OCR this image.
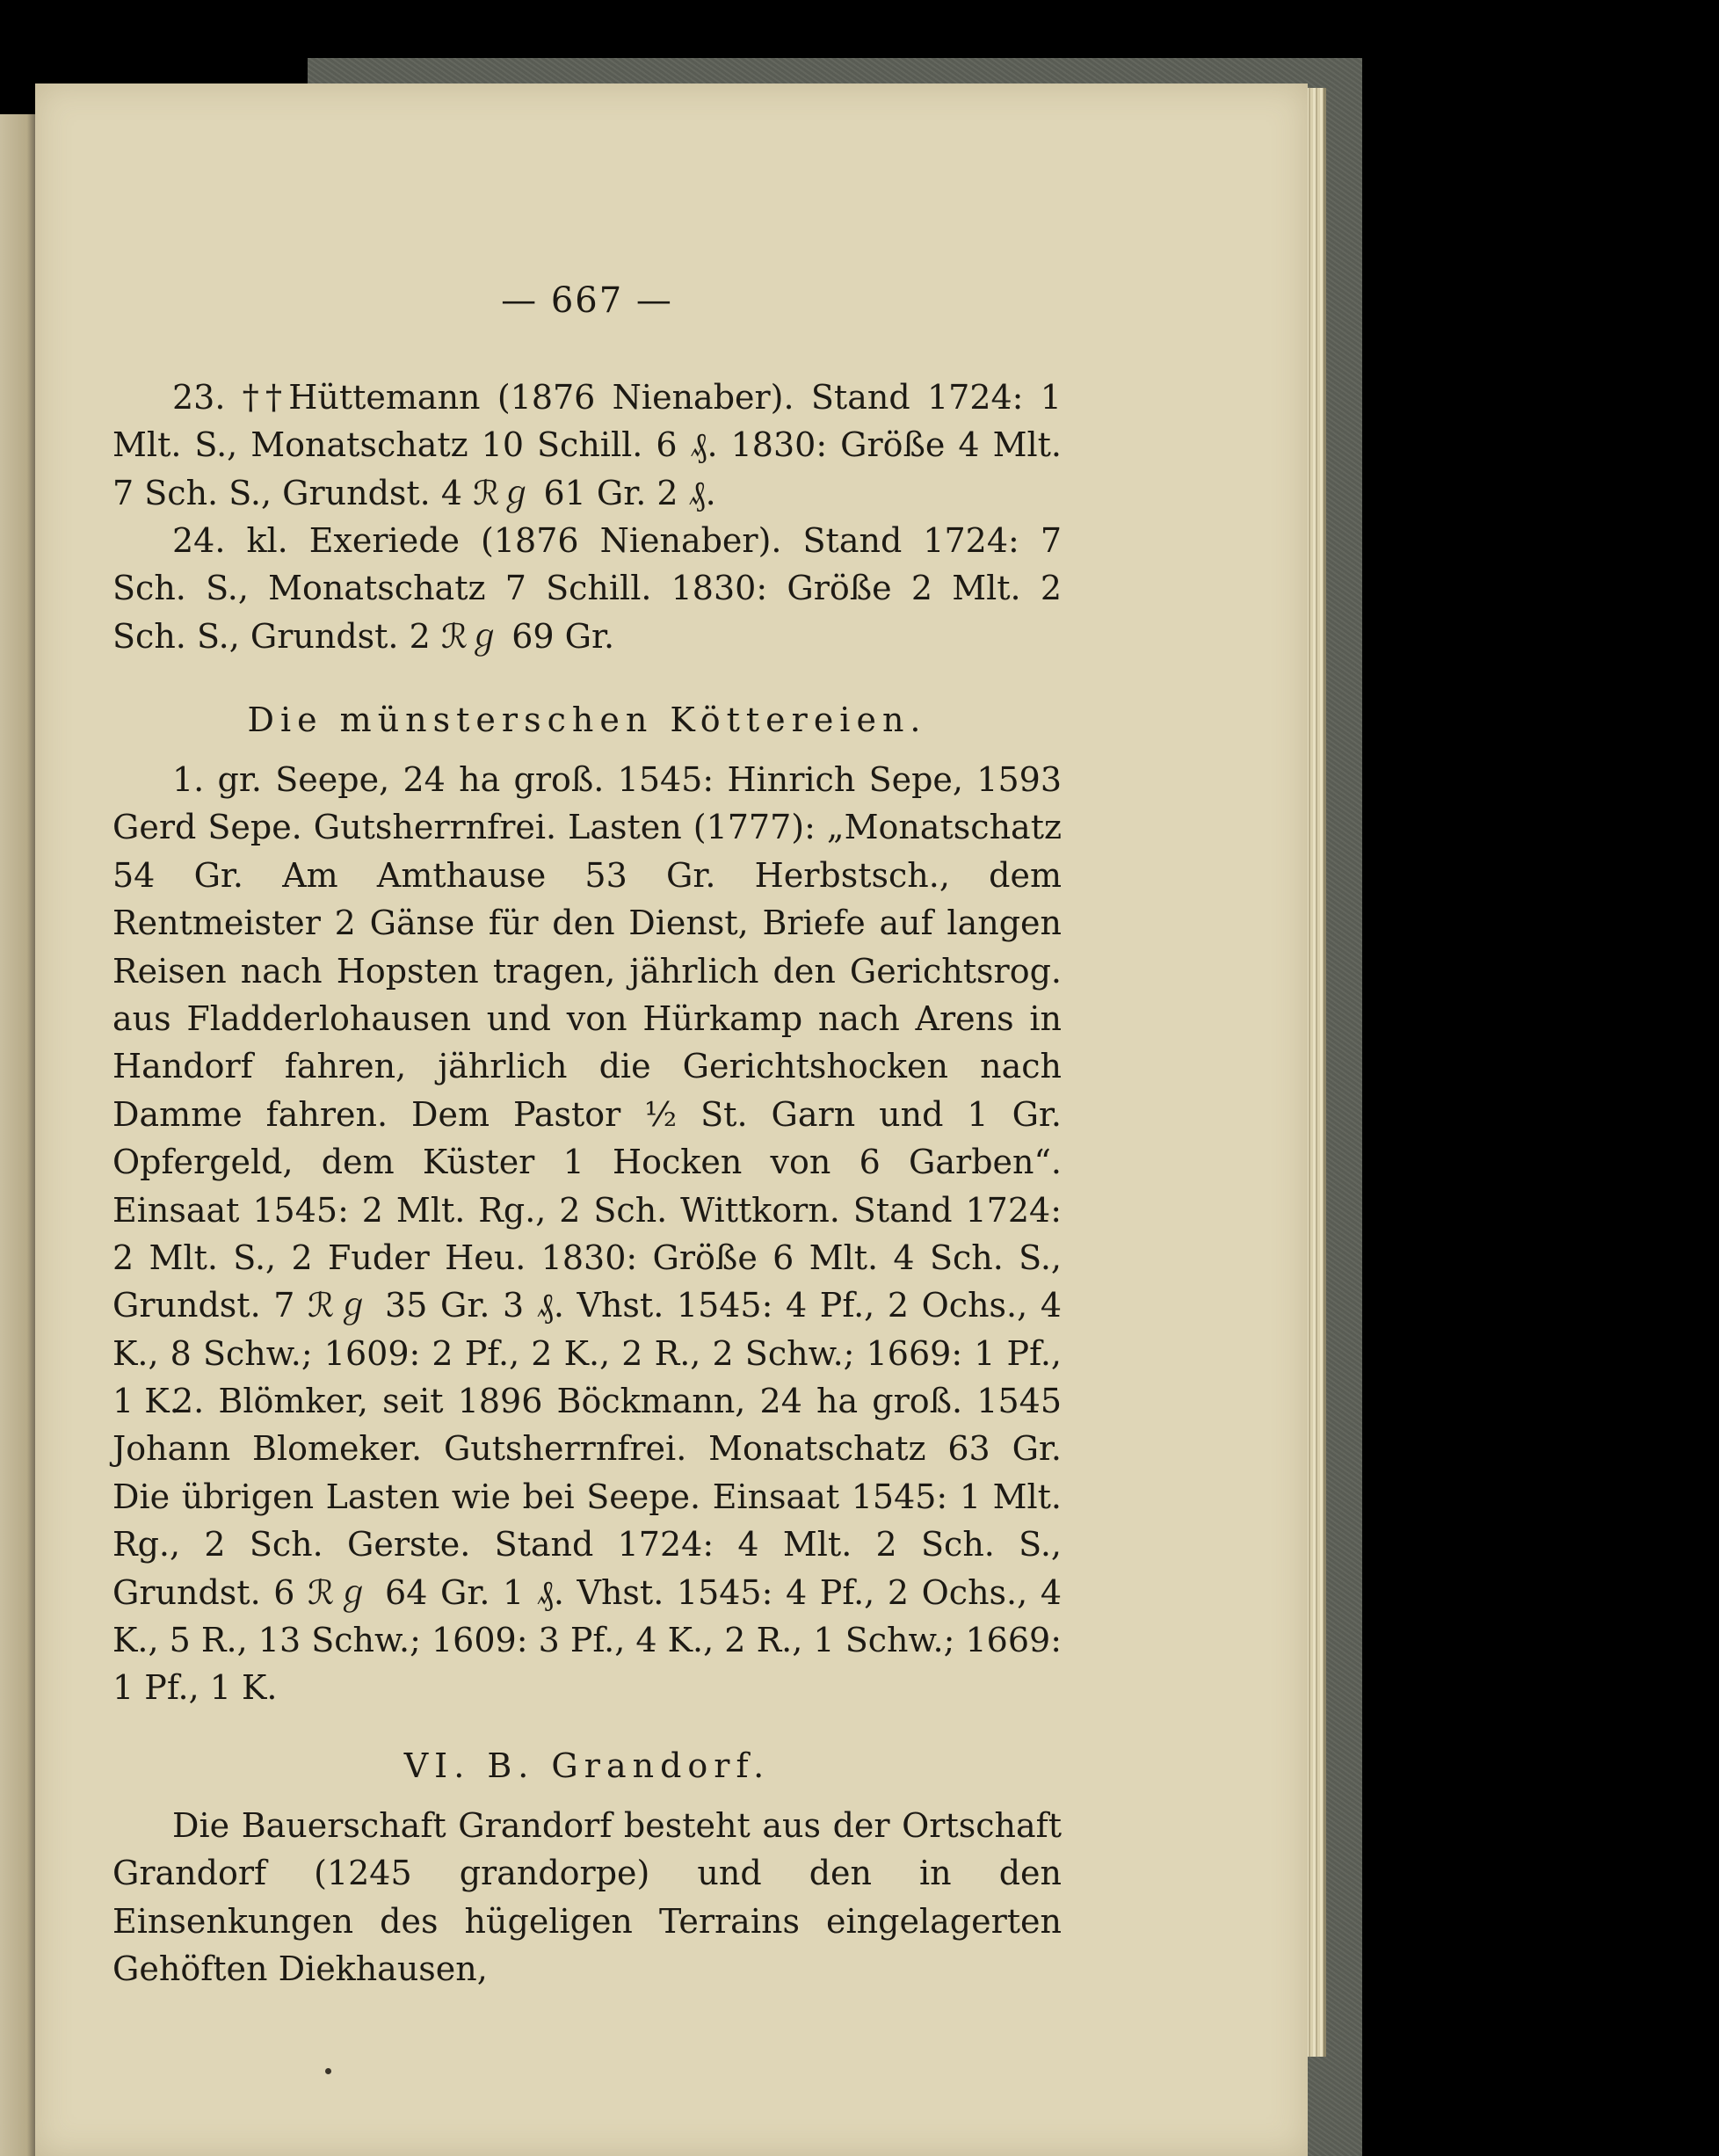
— 667 —

23. ††Hüttemann (1876 Nienaber). Stand 1724: 1 Mlt. S., Monatschatz 10 Schill. 6 ₰. 1830: Größe 4 Mlt. 7 Sch. S., Grundst. 4 ℛℊ 61 Gr. 2 ₰.

24. kl. Exeriede (1876 Nienaber). Stand 1724: 7 Sch. S., Monatschatz 7 Schill. 1830: Größe 2 Mlt. 2 Sch. S., Grundst. 2 ℛℊ 69 Gr.

Die münsterschen Köttereien.

1. gr. Seepe, 24 ha groß. 1545: Hinrich Sepe, 1593 Gerd Sepe. Gutsherrnfrei. Lasten (1777): „Monatschatz 54 Gr. Am Amthause 53 Gr. Herbstsch., dem Rentmeister 2 Gänse für den Dienst, Briefe auf langen Reisen nach Hopsten tragen, jährlich den Gerichtsrog. aus Fladderlohausen und von Hürkamp nach Arens in Handorf fahren, jährlich die Gerichtshocken nach Damme fahren. Dem Pastor ½ St. Garn und 1 Gr. Opfergeld, dem Küster 1 Hocken von 6 Garben“. Einsaat 1545: 2 Mlt. Rg., 2 Sch. Wittkorn. Stand 1724: 2 Mlt. S., 2 Fuder Heu. 1830: Größe 6 Mlt. 4 Sch. S., Grundst. 7 ℛℊ 35 Gr. 3 ₰. Vhst. 1545: 4 Pf., 2 Ochs., 4 K., 8 Schw.; 1609: 2 Pf., 2 K., 2 R., 2 Schw.; 1669: 1 Pf., 1 K.

2. Blömker, seit 1896 Böckmann, 24 ha groß. 1545 Johann Blomeker. Gutsherrnfrei. Monatschatz 63 Gr. Die übrigen Lasten wie bei Seepe. Einsaat 1545: 1 Mlt. Rg., 2 Sch. Gerste. Stand 1724: 4 Mlt. 2 Sch. S., Grundst. 6 ℛℊ 64 Gr. 1 ₰. Vhst. 1545: 4 Pf., 2 Ochs., 4 K., 5 R., 13 Schw.; 1609: 3 Pf., 4 K., 2 R., 1 Schw.; 1669: 1 Pf., 1 K.

VI. B. Grandorf.

Die Bauerschaft Grandorf besteht aus der Ortschaft Grandorf (1245 grandorpe) und den in den Einsenkungen des hügeligen Terrains eingelagerten Gehöften Diekhausen,
